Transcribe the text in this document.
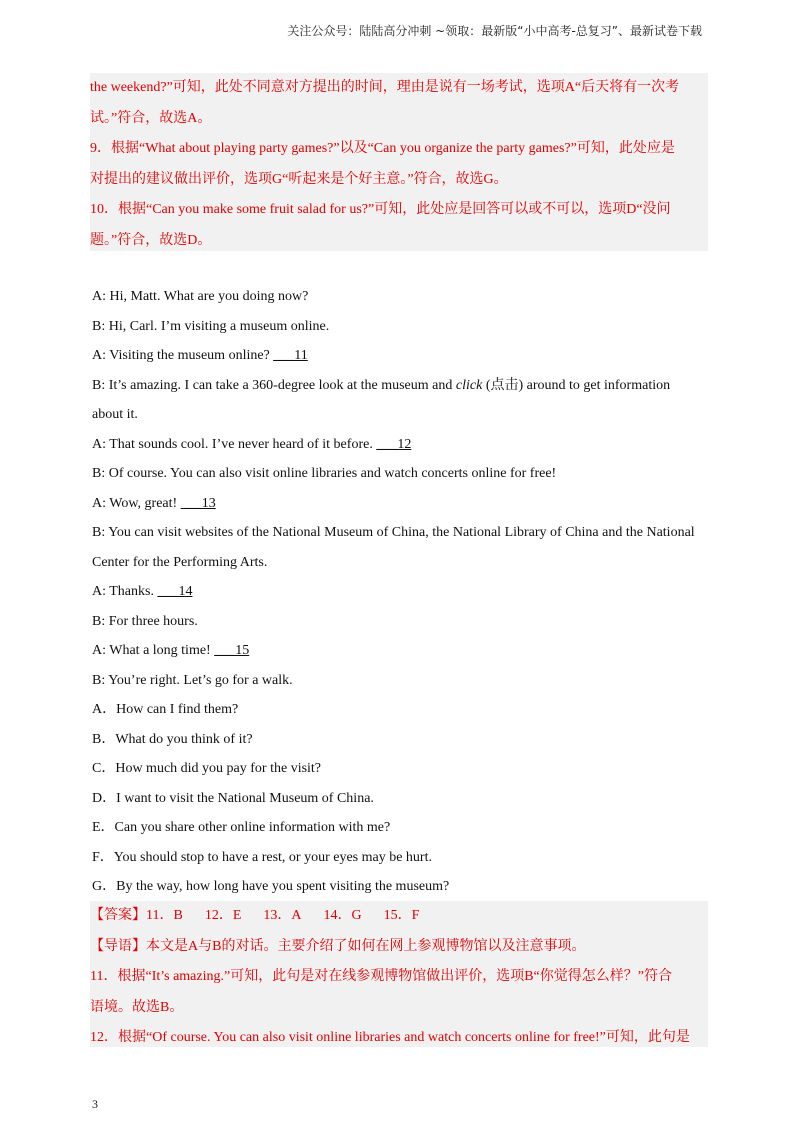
关注公众号：陆陆高分冲刺 ~领取：最新版“小中高考-总复习”、最新试卷下载

the weekend?”可知，此处不同意对方提出的时间，理由是说有一场考试，选项A“后天将有一次考

试。”符合，故选A。

9．根据“What about playing party games?”以及“Can you organize the party games?”可知，此处应是

对提出的建议做出评价，选项G“听起来是个好主意。”符合，故选G。

10．根据“Can you make some fruit salad for us?”可知，此处应是回答可以或不可以，选项D“没问

题。”符合，故选D。

A: Hi, Matt. What are you doing now?

B: Hi, Carl. I’m visiting a museum online.

A: Visiting the museum online? ___11

B: It’s amazing. I can take a 360-degree look at the museum and click (点击) around to get information

about it.

A: That sounds cool. I’ve never heard of it before. ___12

B: Of course. You can also visit online libraries and watch concerts online for free!

A: Wow, great! ___13

B: You can visit websites of the National Museum of China, the National Library of China and the National

Center for the Performing Arts.

A: Thanks. ___14

B: For three hours.

A: What a long time! ___15

B: You’re right. Let’s go for a walk.

A．How can I find them?

B．What do you think of it?

C．How much did you pay for the visit?

D．I want to visit the National Museum of China.

E．Can you share other online information with me?

F．You should stop to have a rest, or your eyes may be hurt.

G．By the way, how long have you spent visiting the museum?

【答案】11．B 12．E 13．A 14．G 15．F

【导语】本文是A与B的对话。主要介绍了如何在网上参观博物馆以及注意事项。

11．根据“It’s amazing.”可知，此句是对在线参观博物馆做出评价，选项B“你觉得怎么样？”符合

语境。故选B。

12．根据“Of course. You can also visit online libraries and watch concerts online for free!”可知，此句是

3
